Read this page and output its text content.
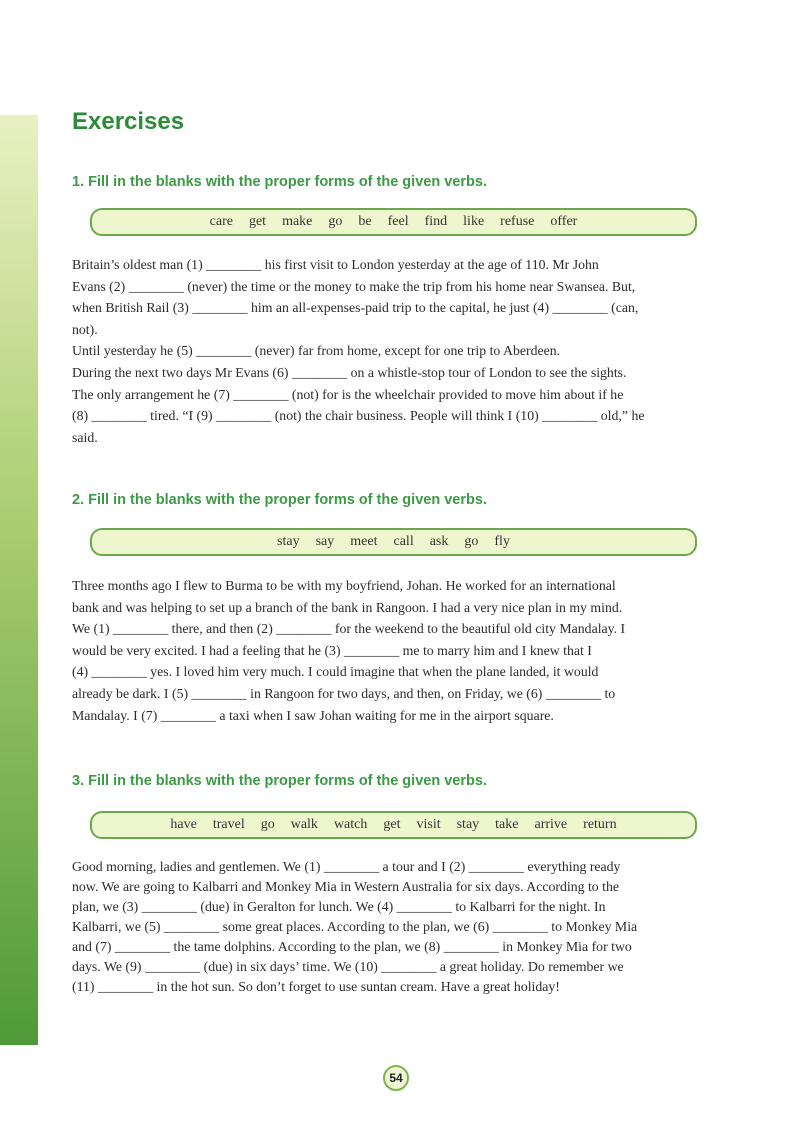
Exercises
1. Fill in the blanks with the proper forms of the given verbs.
care get make go be feel find like refuse offer
Britain’s oldest man (1) ________ his first visit to London yesterday at the age of 110. Mr John
Evans (2) ________ (never) the time or the money to make the trip from his home near Swansea. But,
when British Rail (3) ________ him an all-expenses-paid trip to the capital, he just (4) ________ (can,
not).
Until yesterday he (5) ________ (never) far from home, except for one trip to Aberdeen.
During the next two days Mr Evans (6) ________ on a whistle-stop tour of London to see the sights.
The only arrangement he (7) ________ (not) for is the wheelchair provided to move him about if he
(8) ________ tired. “I (9) ________ (not) the chair business. People will think I (10) ________ old,” he
said.
2. Fill in the blanks with the proper forms of the given verbs.
stay say meet call ask go fly
Three months ago I flew to Burma to be with my boyfriend, Johan. He worked for an international
bank and was helping to set up a branch of the bank in Rangoon. I had a very nice plan in my mind.
We (1) ________ there, and then (2) ________ for the weekend to the beautiful old city Mandalay. I
would be very excited. I had a feeling that he (3) ________ me to marry him and I knew that I
(4) ________ yes. I loved him very much. I could imagine that when the plane landed, it would
already be dark. I (5) ________ in Rangoon for two days, and then, on Friday, we (6) ________ to
Mandalay. I (7) ________ a taxi when I saw Johan waiting for me in the airport square.
3. Fill in the blanks with the proper forms of the given verbs.
have travel go walk watch get visit stay take arrive return
Good morning, ladies and gentlemen. We (1) ________ a tour and I (2) ________ everything ready
now. We are going to Kalbarri and Monkey Mia in Western Australia for six days. According to the
plan, we (3) ________ (due) in Geralton for lunch. We (4) ________ to Kalbarri for the night. In
Kalbarri, we (5) ________ some great places. According to the plan, we (6) ________ to Monkey Mia
and (7) ________ the tame dolphins. According to the plan, we (8) ________ in Monkey Mia for two
days. We (9) ________ (due) in six days’ time. We (10) ________ a great holiday. Do remember we
(11) ________ in the hot sun. So don’t forget to use suntan cream. Have a great holiday!
54
